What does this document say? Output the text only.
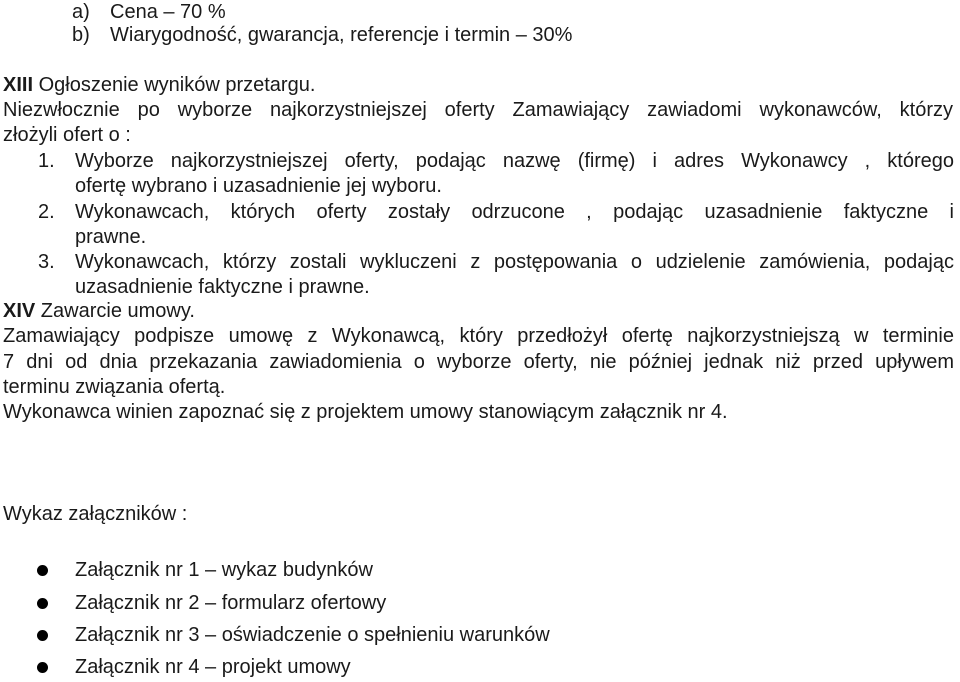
a) Cena – 70 %
b) Wiarygodność, gwarancja, referencje i termin – 30%
XIII Ogłoszenie wyników przetargu.
Niezwłocznie po wyborze najkorzystniejszej oferty Zamawiający zawiadomi wykonawców, którzy
złożyli ofert o :
1. Wyborze najkorzystniejszej oferty, podając nazwę (firmę) i adres Wykonawcy , którego
ofertę wybrano i uzasadnienie jej wyboru.
2. Wykonawcach, których oferty zostały odrzucone , podając uzasadnienie faktyczne i
prawne.
3. Wykonawcach, którzy zostali wykluczeni z postępowania o udzielenie zamówienia, podając
uzasadnienie faktyczne i prawne.
XIV Zawarcie umowy.
Zamawiający podpisze umowę z Wykonawcą, który przedłożył ofertę najkorzystniejszą w terminie
7 dni od dnia przekazania zawiadomienia o wyborze oferty, nie później jednak niż przed upływem
terminu związania ofertą.
Wykonawca winien zapoznać się z projektem umowy stanowiącym załącznik nr 4.
Wykaz załączników :
Załącznik nr 1 – wykaz budynków
Załącznik nr 2 – formularz ofertowy
Załącznik nr 3 – oświadczenie o spełnieniu warunków
Załącznik nr 4 – projekt umowy
